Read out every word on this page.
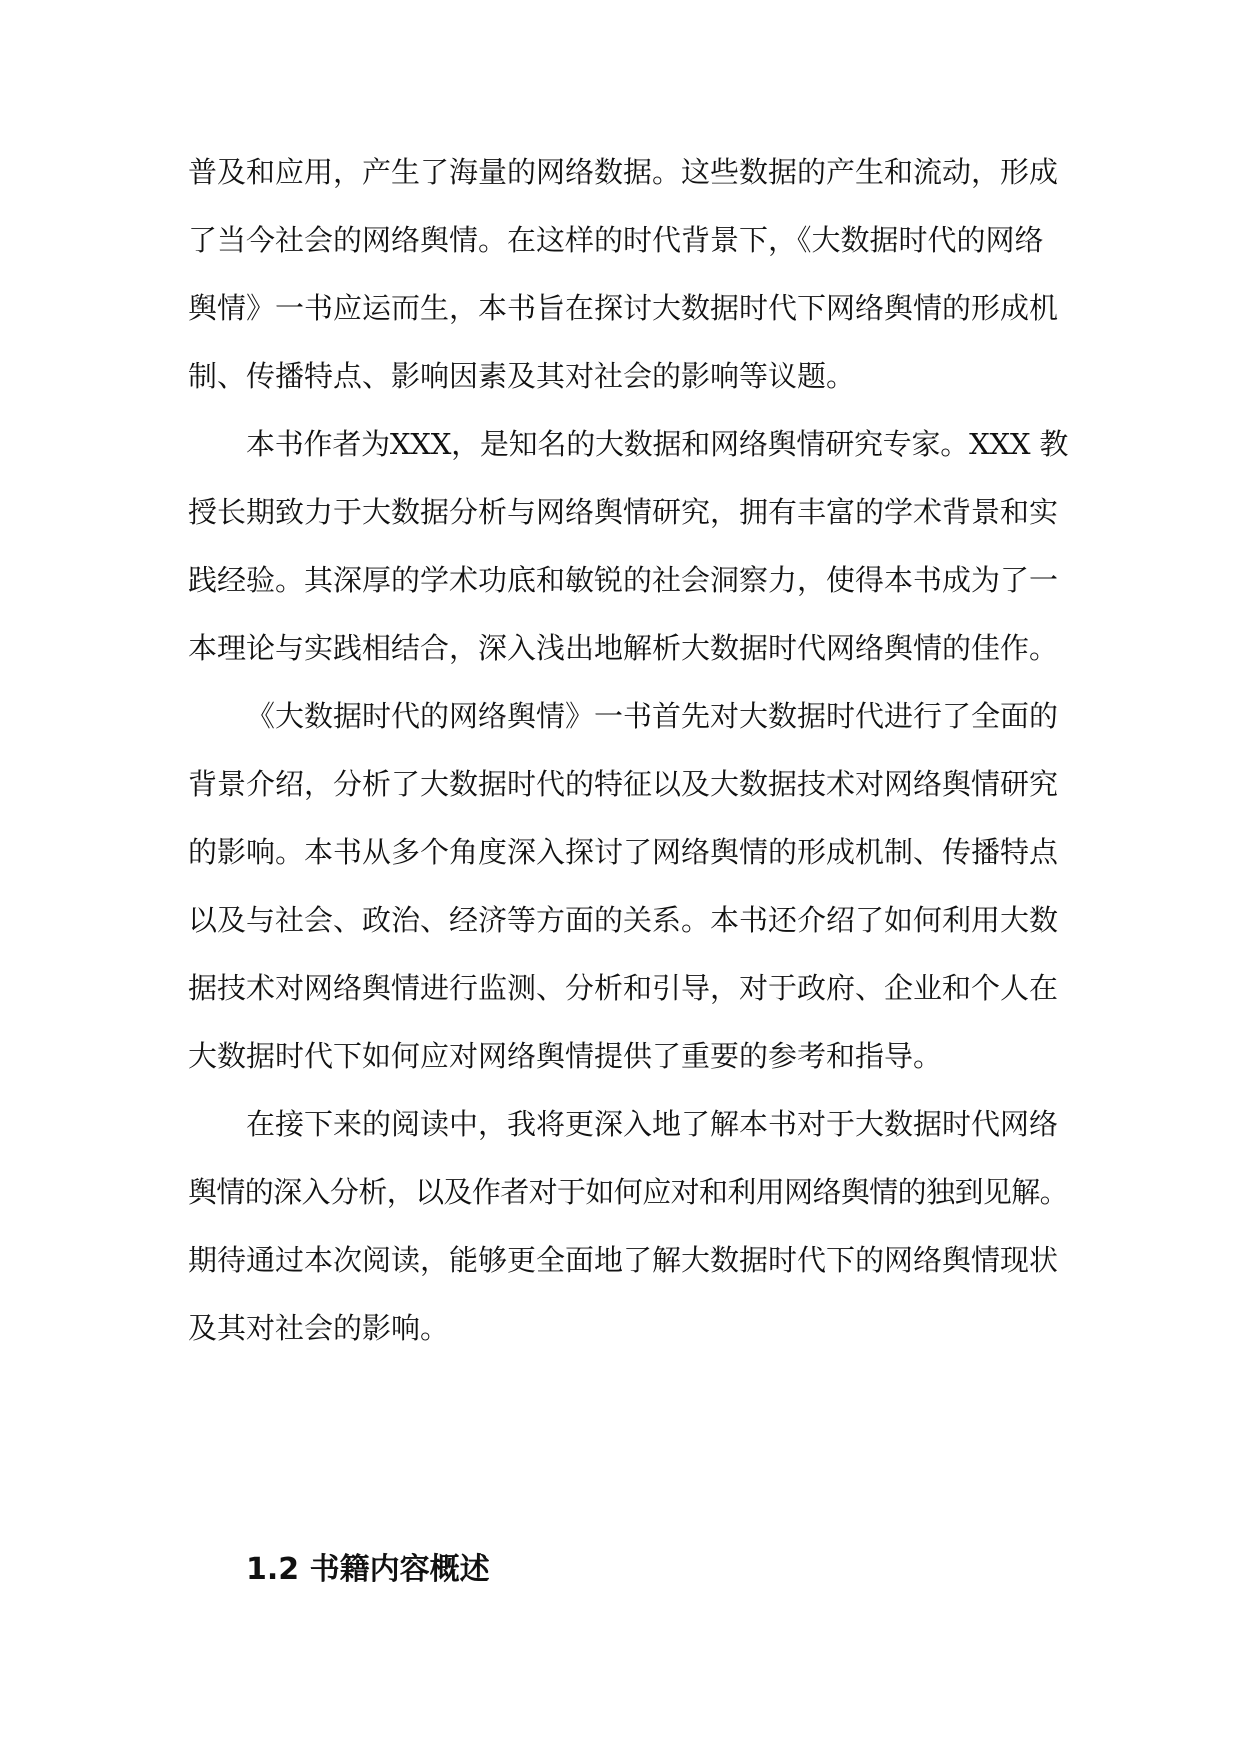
普及和应用，产生了海量的网络数据。这些数据的产生和流动，形成
了当今社会的网络舆情。在这样的时代背景下，《大数据时代的网络
舆情》一书应运而生，本书旨在探讨大数据时代下网络舆情的形成机
制、传播特点、影响因素及其对社会的影响等议题。
本书作者为XXX，是知名的大数据和网络舆情研究专家。XXX 教
授长期致力于大数据分析与网络舆情研究，拥有丰富的学术背景和实
践经验。其深厚的学术功底和敏锐的社会洞察力，使得本书成为了一
本理论与实践相结合，深入浅出地解析大数据时代网络舆情的佳作。
《大数据时代的网络舆情》一书首先对大数据时代进行了全面的
背景介绍，分析了大数据时代的特征以及大数据技术对网络舆情研究
的影响。本书从多个角度深入探讨了网络舆情的形成机制、传播特点
以及与社会、政治、经济等方面的关系。本书还介绍了如何利用大数
据技术对网络舆情进行监测、分析和引导，对于政府、企业和个人在
大数据时代下如何应对网络舆情提供了重要的参考和指导。
在接下来的阅读中，我将更深入地了解本书对于大数据时代网络
舆情的深入分析，以及作者对于如何应对和利用网络舆情的独到见解。
期待通过本次阅读，能够更全面地了解大数据时代下的网络舆情现状
及其对社会的影响。
1.2 书籍内容概述
